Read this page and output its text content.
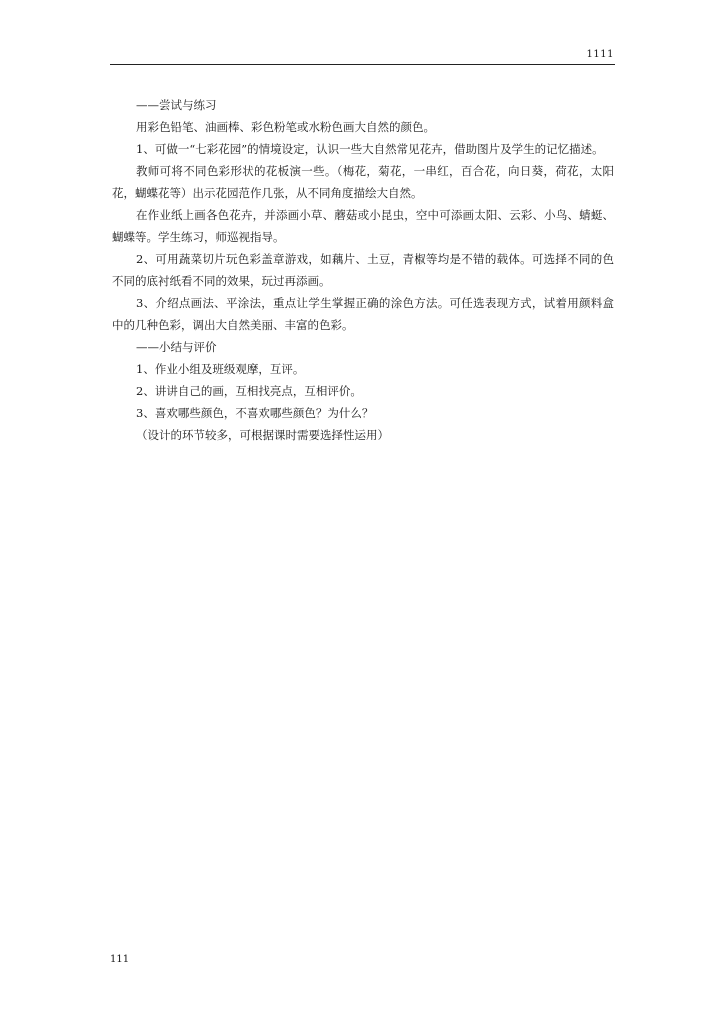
1111

——尝试与练习

用彩色铅笔、油画棒、彩色粉笔或水粉色画大自然的颜色。

1、可做一“七彩花园”的情境设定，认识一些大自然常见花卉，借助图片及学生的记忆描述。

教师可将不同色彩形状的花板演一些。（梅花，菊花，一串红，百合花，向日葵，荷花，太阳花，蝴蝶花等）出示花园范作几张，从不同角度描绘大自然。

在作业纸上画各色花卉，并添画小草、蘑菇或小昆虫，空中可添画太阳、云彩、小鸟、蜻蜓、蝴蝶等。学生练习，师巡视指导。

2、可用蔬菜切片玩色彩盖章游戏，如藕片、土豆，青椒等均是不错的载体。可选择不同的色不同的底衬纸看不同的效果，玩过再添画。

3、介绍点画法、平涂法，重点让学生掌握正确的涂色方法。可任选表现方式，试着用颜料盒中的几种色彩，调出大自然美丽、丰富的色彩。

——小结与评价

1、作业小组及班级观摩，互评。

2、讲讲自己的画，互相找亮点，互相评价。

3、喜欢哪些颜色，不喜欢哪些颜色？为什么？

（设计的环节较多，可根据课时需要选择性运用）

111
